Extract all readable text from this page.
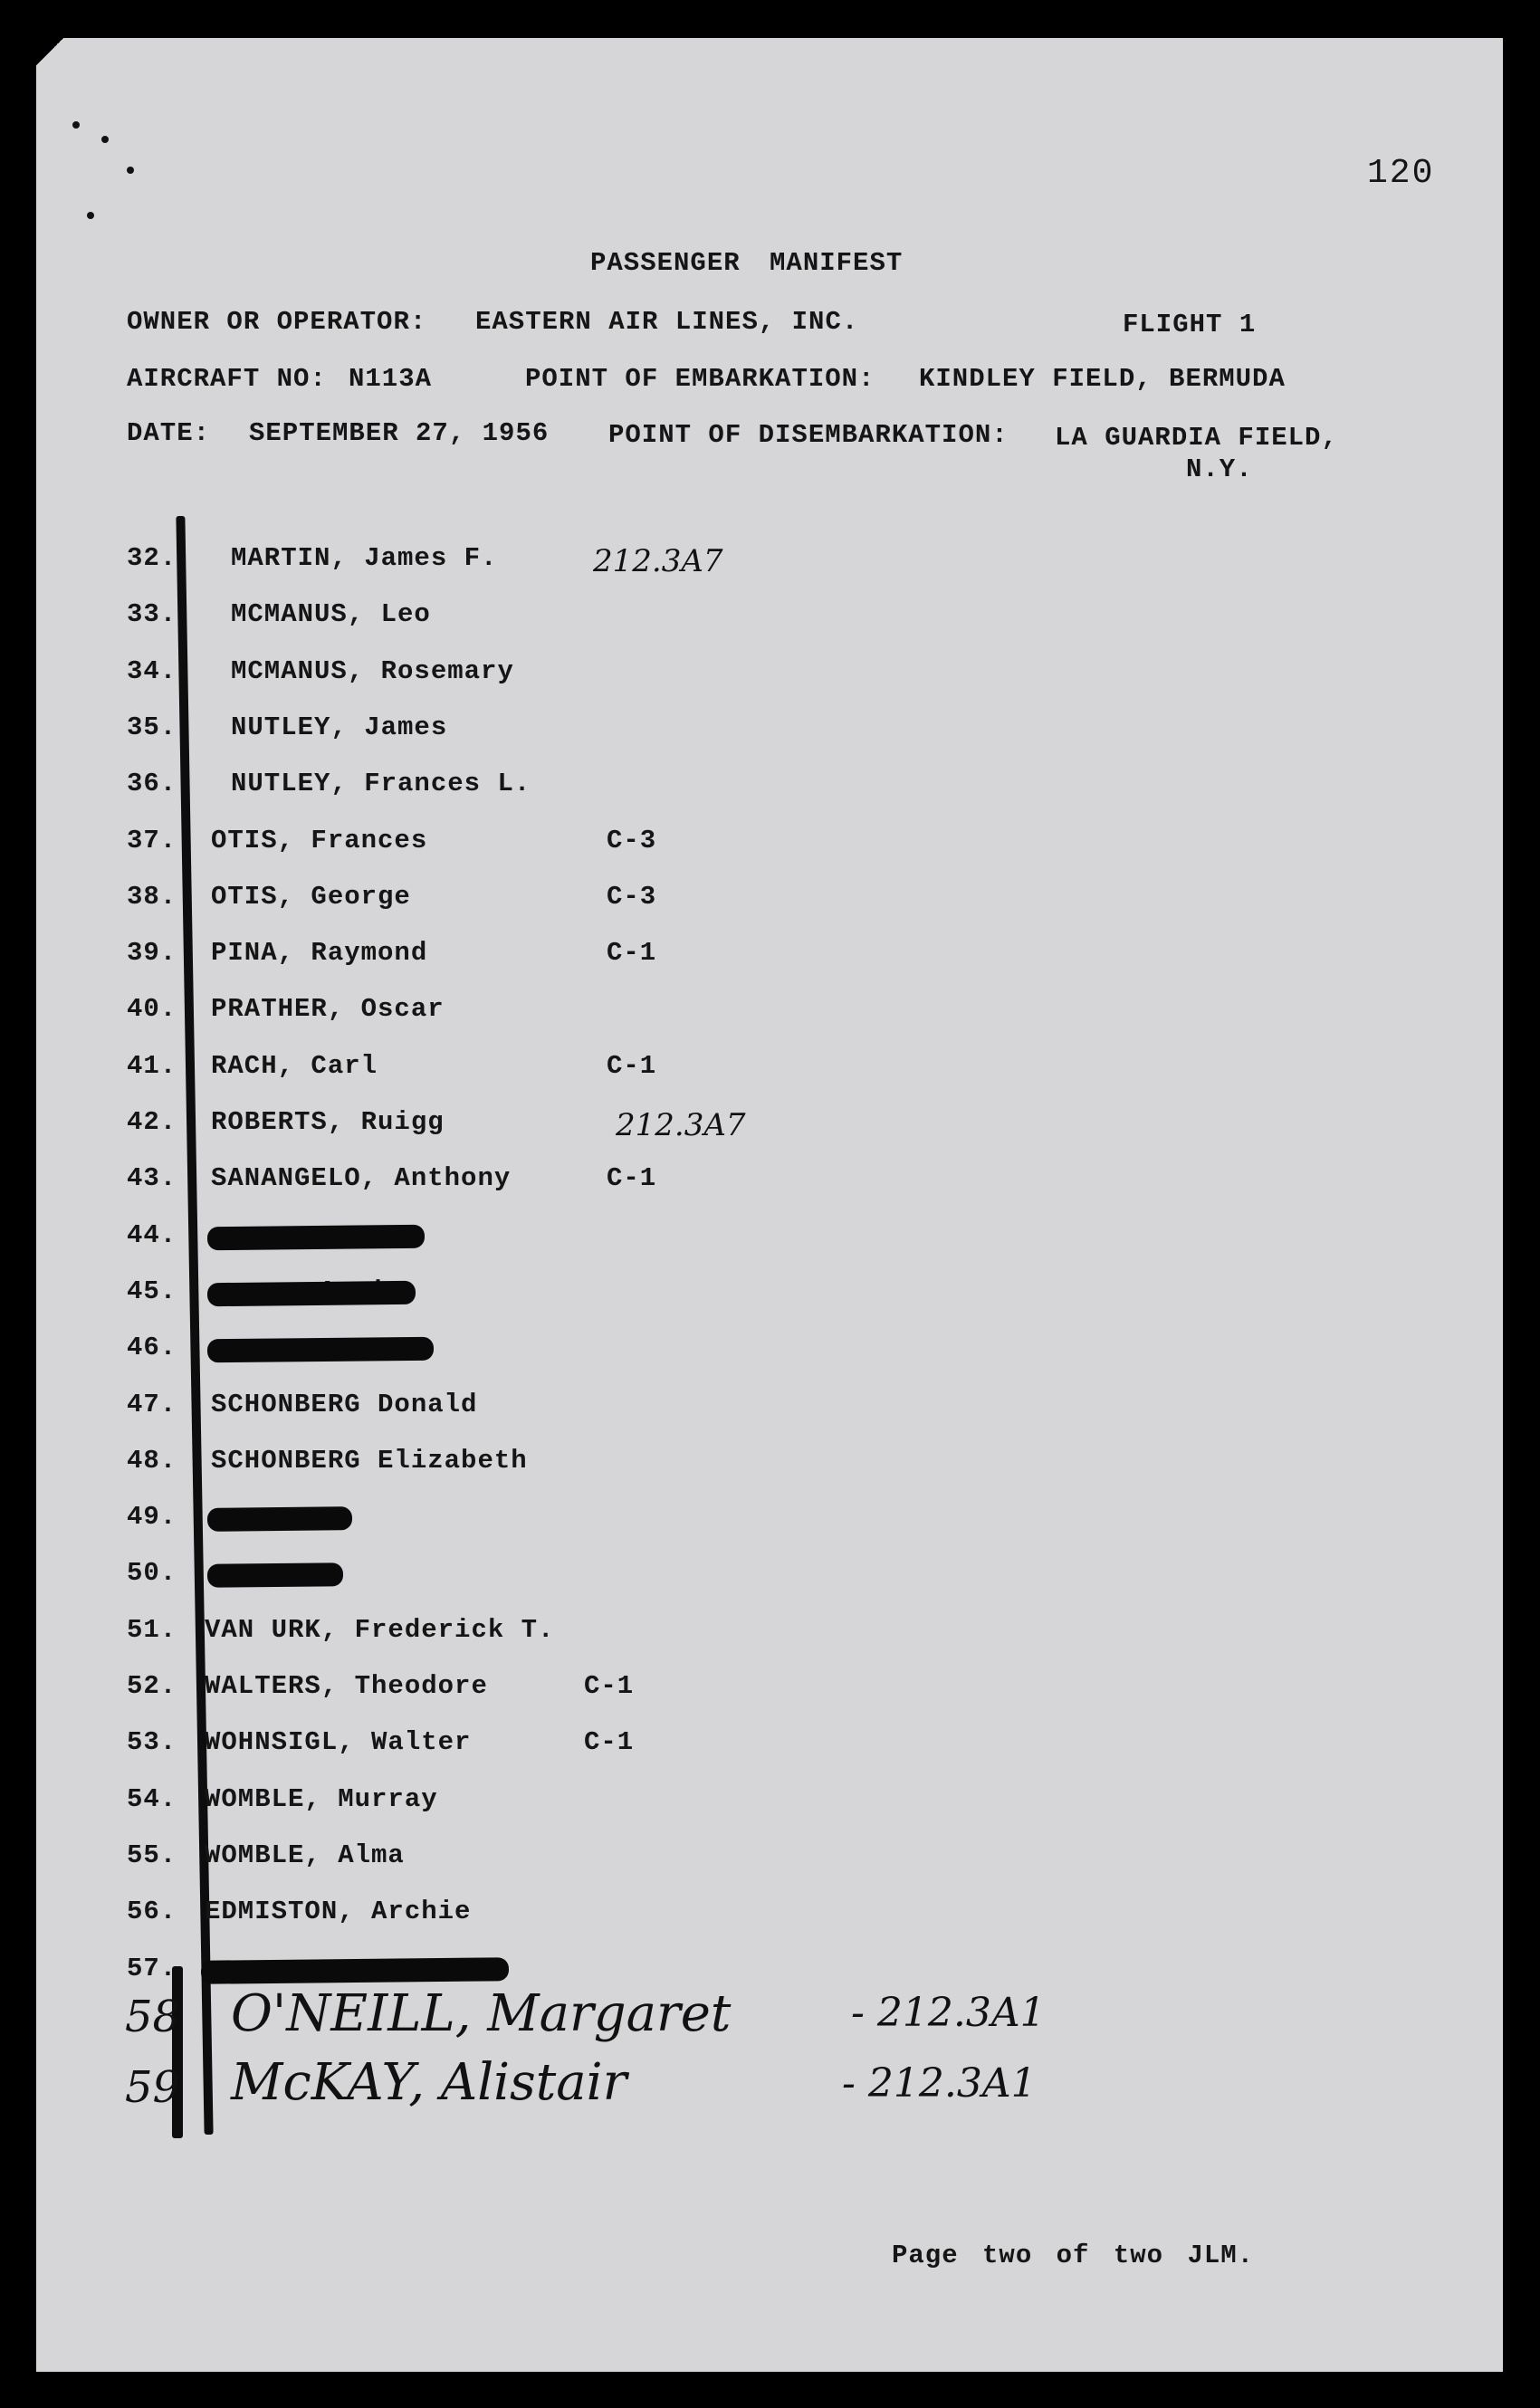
120
PASSENGER MANIFEST
OWNER OR OPERATOR: EASTERN AIR LINES, INC.	FLIGHT 1
AIRCRAFT NO: N113A	POINT OF EMBARKATION: KINDLEY FIELD, BERMUDA
DATE: SEPTEMBER 27, 1956 POINT OF DISEMBARKATION: LA GUARDIA FIELD,
N.Y.
32.	MARTIN, James F.	212.3A7
33.	MCMANUS, Leo
34.	MCMANUS, Rosemary
35.	NUTLEY, James
36.	NUTLEY, Frances L.
37.	OTIS, Frances	C-3
38.	OTIS, George	C-3
39.	PINA, Raymond	C-1
40.	PRATHER, Oscar
41.	RACH, Carl	C-1
42.	ROBERTS, Ruigg	212.3A7
43.	SANANGELO, Anthony	C-1
44.
45.
46.
47.	SCHONBERG Donald
48.	SCHONBERG Elizabeth
49.
50.
51.	VAN URK, Frederick T.
52.	WALTERS, Theodore	C-1
53.	WOHNSIGL, Walter	C-1
54.	WOMBLE, Murray
55.	WOMBLE, Alma
56.	EDMISTON, Archie
57.
58 O'NEILL, Margaret	- 212.3A1
59 McKAY, Alistair	- 212.3A1
Page two of two JLM.
